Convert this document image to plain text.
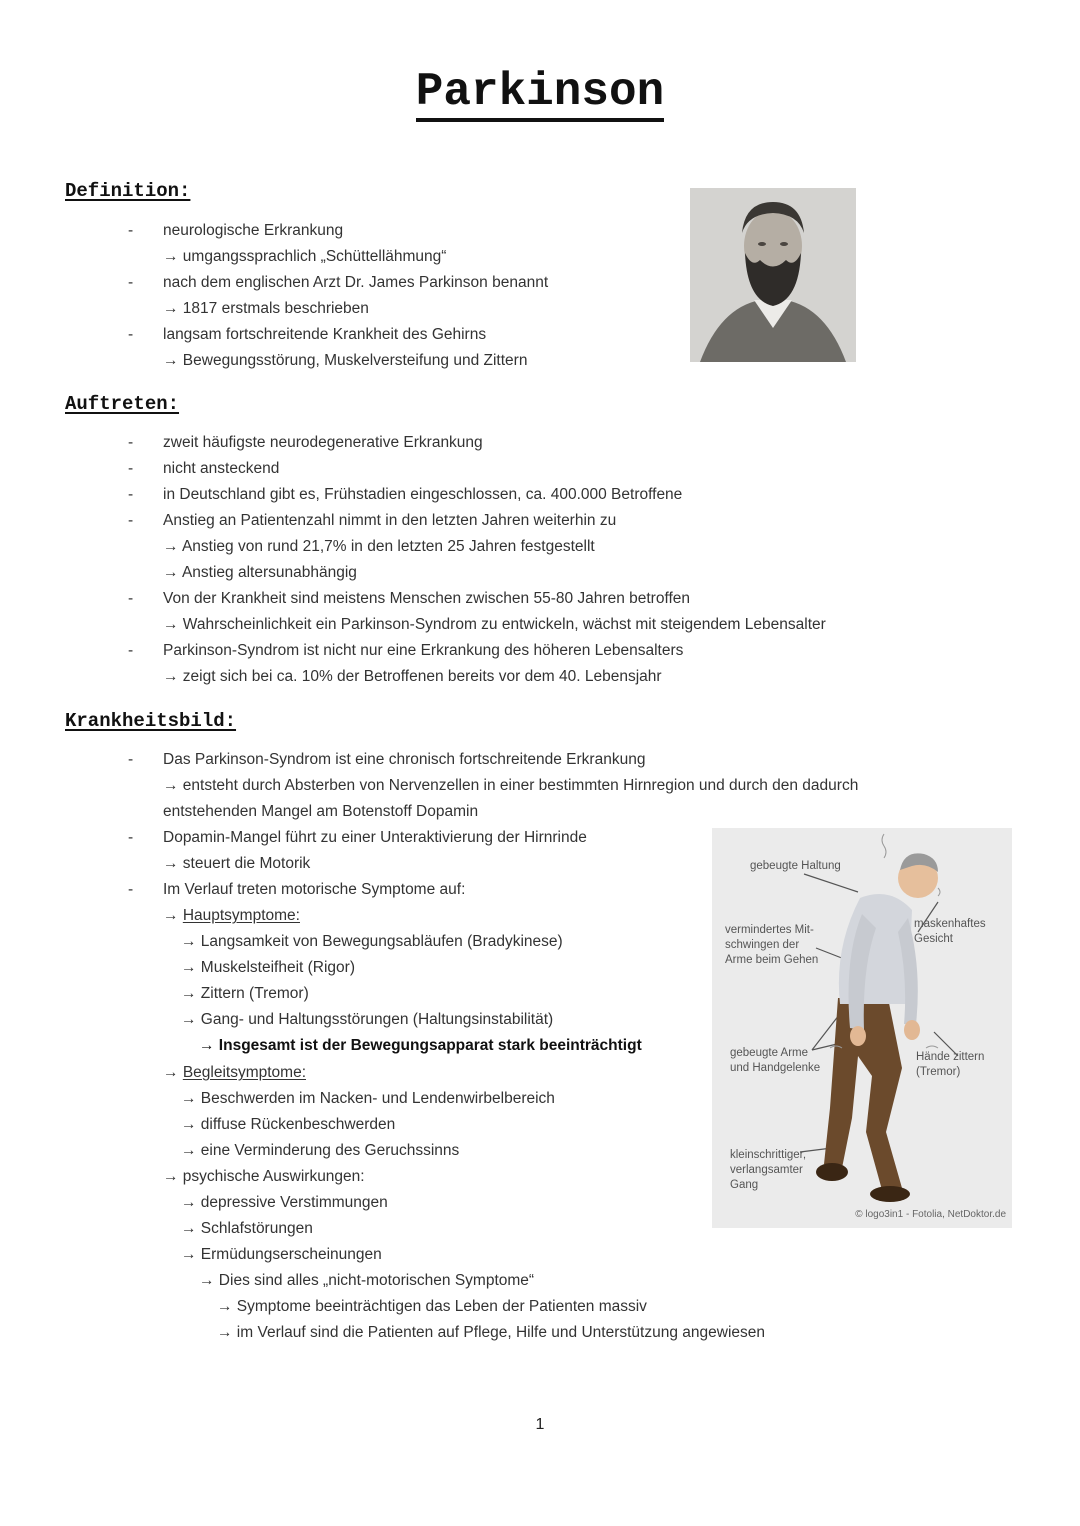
Parkinson
Definition:
- neurologische Erkrankung
→ umgangssprachlich „Schüttellähmung“
- nach dem englischen Arzt Dr. James Parkinson benannt
→ 1817 erstmals beschrieben
- langsam fortschreitende Krankheit des Gehirns
→ Bewegungsstörung, Muskelversteifung und Zittern
Auftreten:
- zweit häufigste neurodegenerative Erkrankung
- nicht ansteckend
- in Deutschland gibt es, Frühstadien eingeschlossen, ca. 400.000 Betroffene
- Anstieg an Patientenzahl nimmt in den letzten Jahren weiterhin zu
→ Anstieg von rund 21,7% in den letzten 25 Jahren festgestellt
→ Anstieg altersunabhängig
- Von der Krankheit sind meistens Menschen zwischen 55-80 Jahren betroffen
→ Wahrscheinlichkeit ein Parkinson-Syndrom zu entwickeln, wächst mit steigendem Lebensalter
- Parkinson-Syndrom ist nicht nur eine Erkrankung des höheren Lebensalters
→ zeigt sich bei ca. 10% der Betroffenen bereits vor dem 40. Lebensjahr
Krankheitsbild:
- Das Parkinson-Syndrom ist eine chronisch fortschreitende Erkrankung
→ entsteht durch Absterben von Nervenzellen in einer bestimmten Hirnregion und durch den dadurch
entstehenden Mangel am Botenstoff Dopamin
- Dopamin-Mangel führt zu einer Unteraktivierung der Hirnrinde
→ steuert die Motorik
- Im Verlauf treten motorische Symptome auf:
→ Hauptsymptome:
→ Langsamkeit von Bewegungsabläufen (Bradykinese)
→ Muskelsteifheit (Rigor)
→ Zittern (Tremor)
→ Gang- und Haltungsstörungen (Haltungsinstabilität)
→ Insgesamt ist der Bewegungsapparat stark beeinträchtigt
→ Begleitsymptome:
→ Beschwerden im Nacken- und Lendenwirbelbereich
→ diffuse Rückenbeschwerden
→ eine Verminderung des Geruchssinns
→ psychische Auswirkungen:
→ depressive Verstimmungen
→ Schlafstörungen
→ Ermüdungserscheinungen
→ Dies sind alles „nicht-motorischen Symptome“
→ Symptome beeinträchtigen das Leben der Patienten massiv
→ im Verlauf sind die Patienten auf Pflege, Hilfe und Unterstützung angewiesen
gebeugte Haltung
vermindertes Mit-
schwingen der
Arme beim Gehen
maskenhaftes
Gesicht
gebeugte Arme
und Handgelenke
Hände zittern
(Tremor)
kleinschrittiger,
verlangsamter
Gang
© logo3in1 - Fotolia, NetDoktor.de
1
